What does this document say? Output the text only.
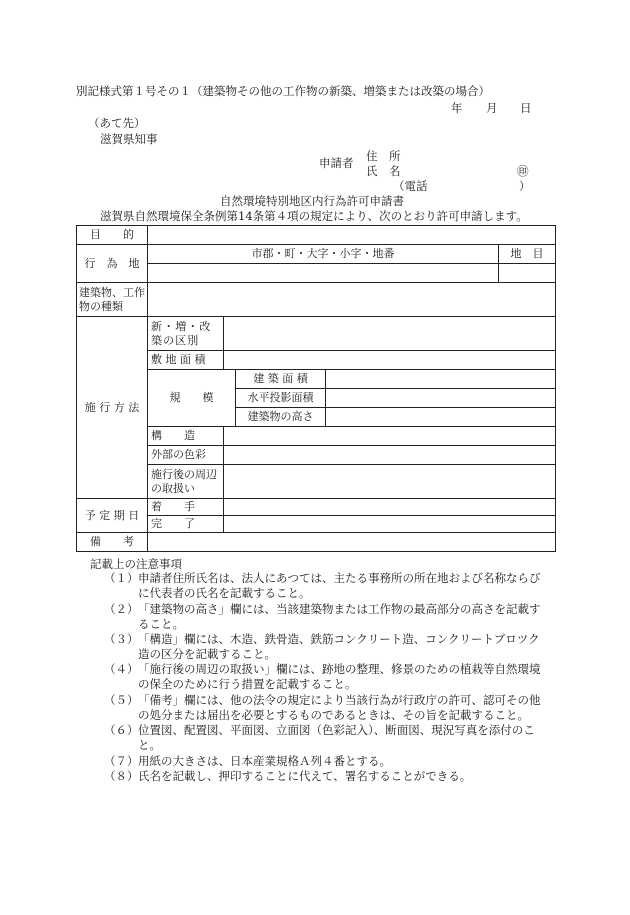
別記様式第１号その１（建築物その他の工作物の新築、増築または改築の場合）
年 月 日
（あて先）
滋賀県知事
申請者 住　所
氏　名	㊞
（電話	）
自然環境特別地区内行為許可申請書
滋賀県自然環境保全条例第14条第４項の規定により、次のとおり許可申請します。
目　　的					
行　為　地	市郡・町・大字・小字・地番				地　目

建築物、工作物の種類					
施 行 方 法	新・増・改築の区別				
	敷 地 面 積				
	規　　模		建 築 面 積		
			水平投影面積		
			建築物の高さ		
	構　　造				
	外部の色彩				
	施行後の周辺の取扱い				

予 定 期 日	着　　手				
	完　　了				
備　　考					
記載上の注意事項
（１）申請者住所氏名は、法人にあつては、主たる事務所の所在地および名称ならび
に代表者の氏名を記載すること。
（２）「建築物の高さ」欄には、当該建築物または工作物の最高部分の高さを記載す
ること。
（３）「構造」欄には、木造、鉄骨造、鉄筋コンクリート造、コンクリートブロツク
造の区分を記載すること。
（４）「施行後の周辺の取扱い」欄には、跡地の整理、修景のための植栽等自然環境
の保全のために行う措置を記載すること。
（５）「備考」欄には、他の法令の規定により当該行為が行政庁の許可、認可その他
の処分または届出を必要とするものであるときは、その旨を記載すること。
（６）位置図、配置図、平面図、立面図（色彩記入）、断面図、現況写真を添付のこ
と。
（７）用紙の大きさは、日本産業規格Ａ列４番とする。
（８）氏名を記載し、押印することに代えて、署名することができる。
